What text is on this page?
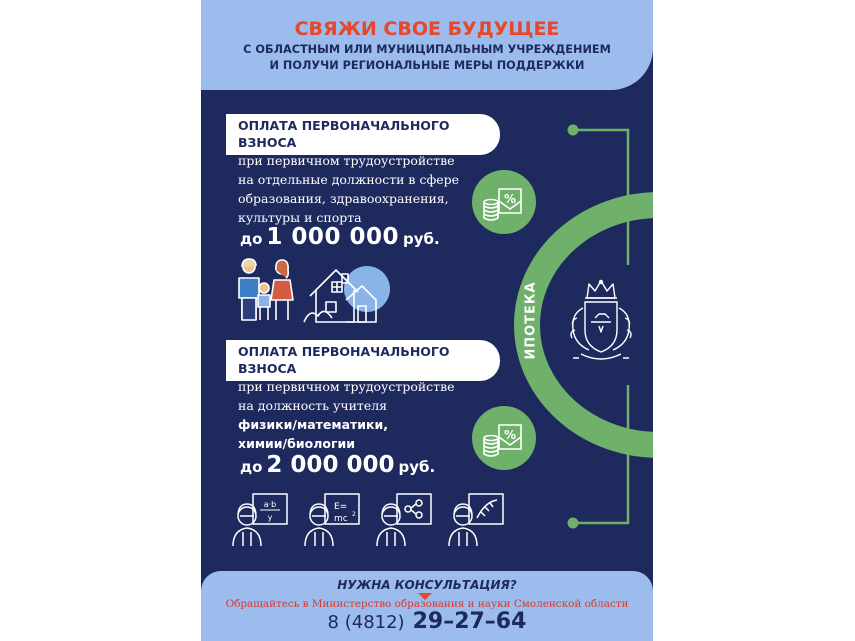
СВЯЖИ СВОЕ БУДУЩЕЕ
С ОБЛАСТНЫМ ИЛИ МУНИЦИПАЛЬНЫМ УЧРЕЖДЕНИЕМ
И ПОЛУЧИ РЕГИОНАЛЬНЫЕ МЕРЫ ПОДДЕРЖКИ
ОПЛАТА ПЕРВОНАЧАЛЬНОГО
ВЗНОСА
при первичном трудоустройстве
на отдельные должности в сфере
образования, здравоохранения,
культуры и спорта
до 1 000 000 руб.
ОПЛАТА ПЕРВОНАЧАЛЬНОГО
ВЗНОСА
при первичном трудоустройстве
на должность учителя
физики/математики,
химии/биологии
до 2 000 000 руб.
a·b
y
E=
mc 2
ИПОТЕКА
%
%
НУЖНА КОНСУЛЬТАЦИЯ?
Обращайтесь в Министерство образования и науки Смоленской области
8 (4812) 29–27–64
